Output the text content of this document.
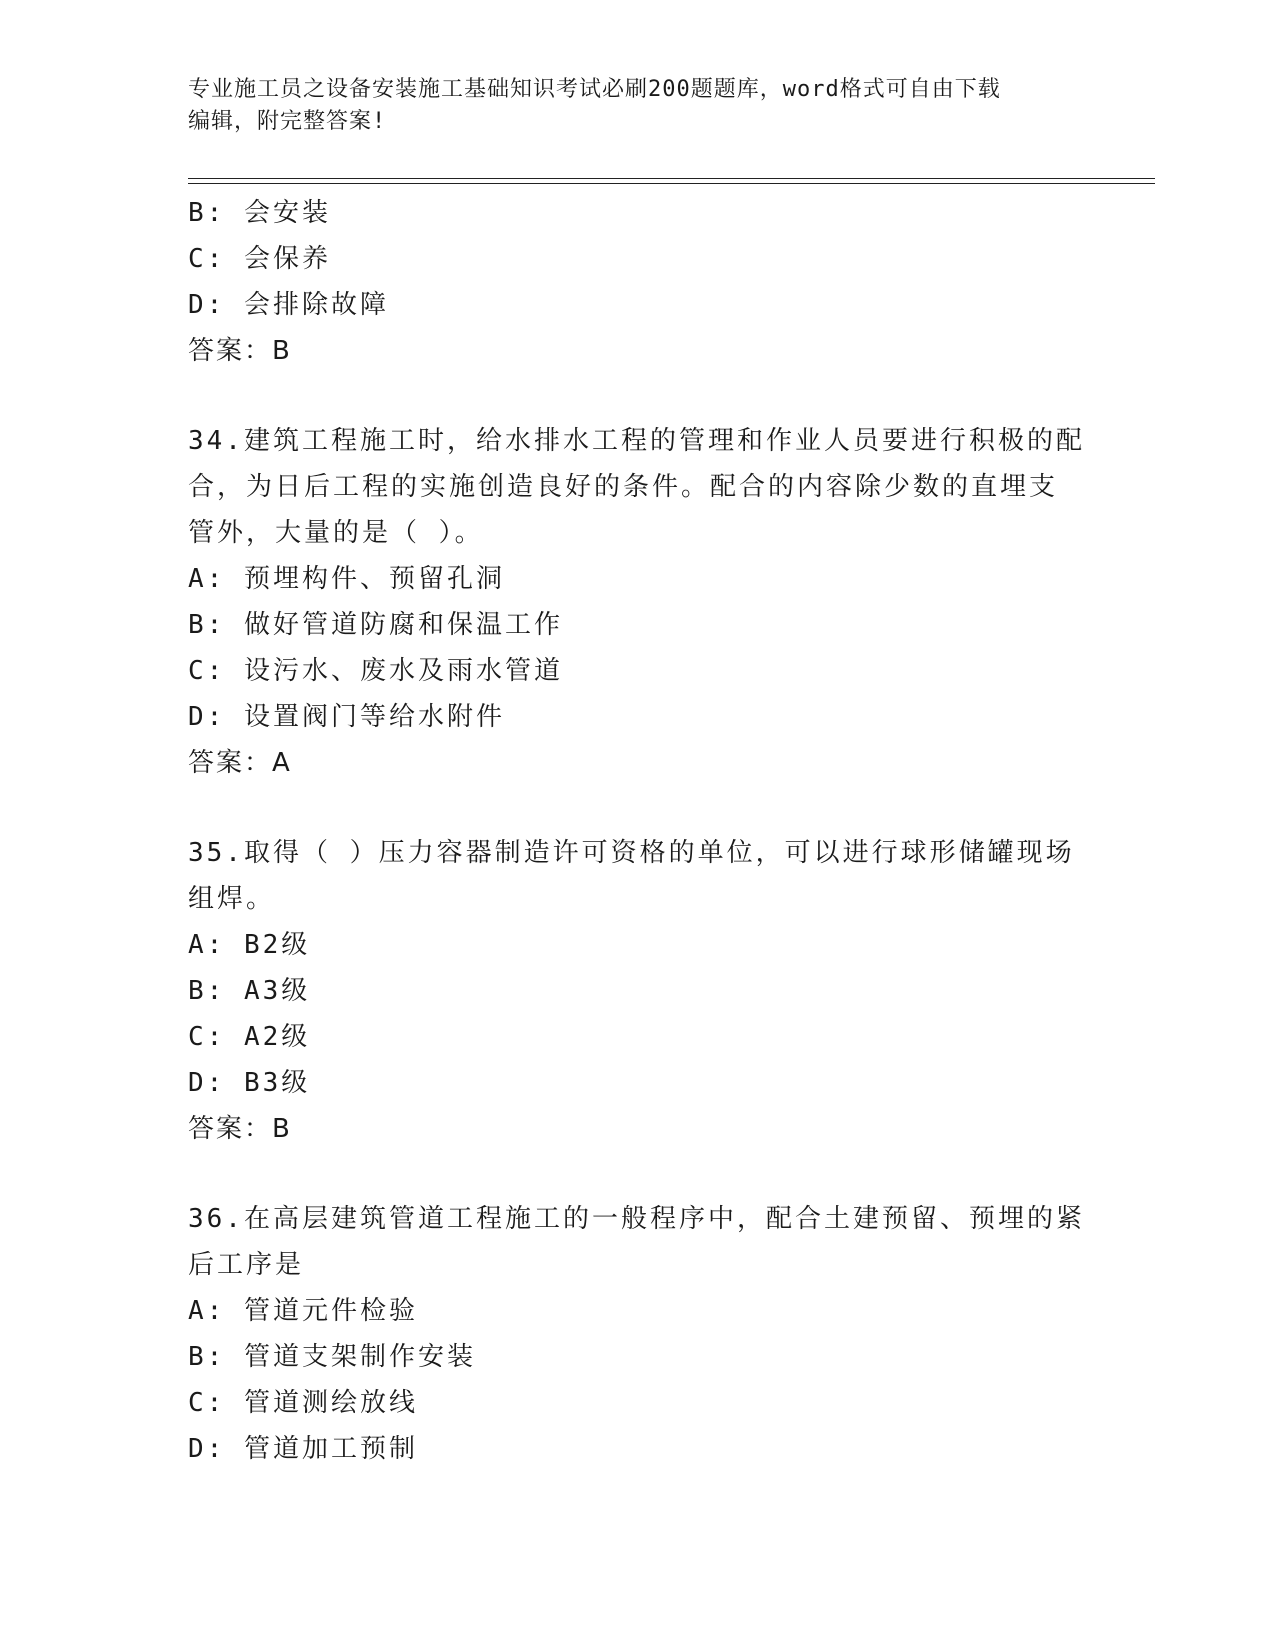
专业施工员之设备安装施工基础知识考试必刷200题题库，word格式可自由下载
编辑，附完整答案!
B: 会安装
C: 会保养
D: 会排除故障
答案：B
34.建筑工程施工时，给水排水工程的管理和作业人员要进行积极的配
合，为日后工程的实施创造良好的条件。配合的内容除少数的直埋支
管外，大量的是（ ）。
A: 预埋构件、预留孔洞
B: 做好管道防腐和保温工作
C: 设污水、废水及雨水管道
D: 设置阀门等给水附件
答案：A
35.取得（ ）压力容器制造许可资格的单位，可以进行球形储罐现场
组焊。
A: B2级
B: A3级
C: A2级
D: B3级
答案：B
36.在高层建筑管道工程施工的一般程序中，配合土建预留、预埋的紧
后工序是
A: 管道元件检验
B: 管道支架制作安装
C: 管道测绘放线
D: 管道加工预制
